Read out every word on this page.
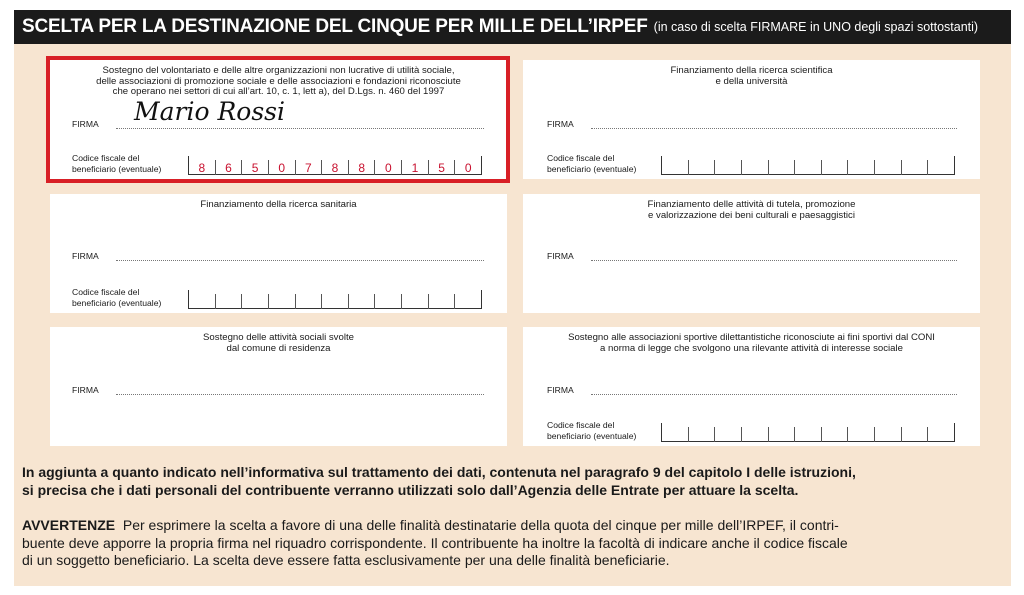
SCELTA PER LA DESTINAZIONE DEL CINQUE PER MILLE DELL’IRPEF (in caso di scelta FIRMARE in UNO degli spazi sottostanti)
Sostegno del volontariato e delle altre organizzazioni non lucrative di utilità sociale,
delle associazioni di promozione sociale e delle associazioni e fondazioni riconosciute
che operano nei settori di cui all’art. 10, c. 1, lett a), del D.Lgs. n. 460 del 1997
FIRMA Mario Rossi
Codice fiscale del
beneficiario (eventuale)	8	6	5	0	7	8	8	0	1	5	0
Finanziamento della ricerca scientifica
e della università
FIRMA
Codice fiscale del
beneficiario (eventuale)
Finanziamento della ricerca sanitaria
FIRMA
Codice fiscale del
beneficiario (eventuale)
Finanziamento delle attività di tutela, promozione
e valorizzazione dei beni culturali e paesaggistici
FIRMA
Sostegno delle attività sociali svolte
dal comune di residenza
FIRMA
Sostegno alle associazioni sportive dilettantistiche riconosciute ai fini sportivi dal CONI
a norma di legge che svolgono una rilevante attività di interesse sociale
FIRMA
Codice fiscale del
beneficiario (eventuale)
In aggiunta a quanto indicato nell’informativa sul trattamento dei dati, contenuta nel paragrafo 9 del capitolo I delle istruzioni,
si precisa che i dati personali del contribuente verranno utilizzati solo dall’Agenzia delle Entrate per attuare la scelta.
AVVERTENZE Per esprimere la scelta a favore di una delle finalità destinatarie della quota del cinque per mille dell’IRPEF, il contri-
buente deve apporre la propria firma nel riquadro corrispondente. Il contribuente ha inoltre la facoltà di indicare anche il codice fiscale
di un soggetto beneficiario. La scelta deve essere fatta esclusivamente per una delle finalità beneficiarie.
